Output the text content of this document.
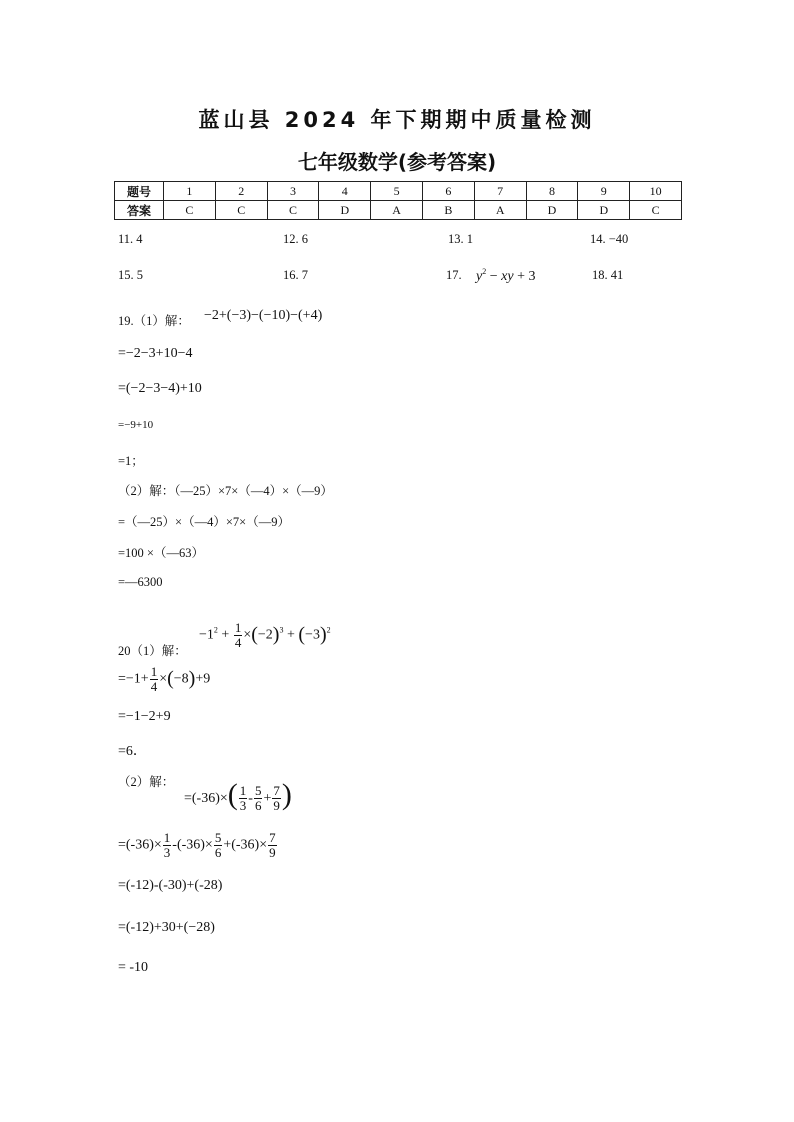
蓝山县 2024 年下期期中质量检测
七年级数学(参考答案)
题号	1	2	3	4	5	6	7	8	9	10
答案	C	C	C	D	A	B	A	D	D	C
11. 4	12. 6	13. 1	14. −40
15. 5	16. 7	17. $y^2$ − xy + 3	18. 41
19.（1）解： −2+(−3)−(−10)−(+4)
=−2−3+10−4
=(−2−3−4)+10
=−9+10
=1；
（2）解：（—25）×7×（—4）×（—9）
=（—25）×（—4）×7×（—9）
=100 ×（—63）
=—6300
20（1）解：
$-1^2 + \frac{1}{4} \times(-2)^3 + (-3)^2$
$=-1+ \frac{1}{4} \times(-8)+9$
=−1−2+9
=6．
（2）解：
$=(-36)\times( \frac{1}{3} - \frac{5}{6} + \frac{7}{9}$ )
$=(-36)\times \frac{1}{3} -(-36)\times \frac{5}{6} +(-36)\times \frac{7}{9}$
=(-12)-(-30)+(-28)
=(-12)+30+(−28)
= -10
